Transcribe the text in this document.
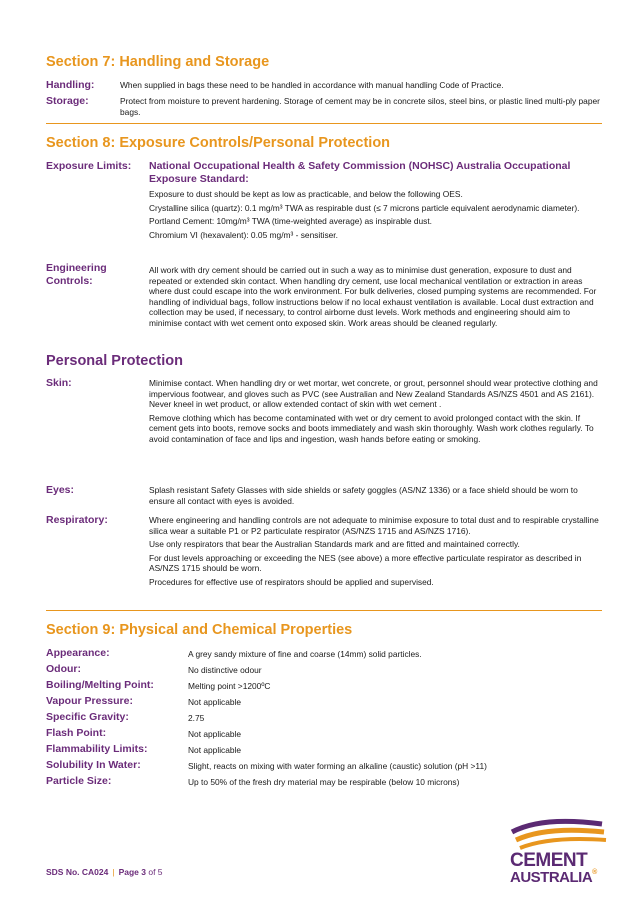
Section 7: Handling and Storage
Handling:	When supplied in bags these need to be handled in accordance with manual handling Code of Practice.

Storage:	Protect from moisture to prevent hardening. Storage of cement may be in concrete silos, steel bins, or plastic lined multi-ply paper bags.

Section 8: Exposure Controls/Personal Protection
Exposure Limits: National Occupational Health & Safety Commission (NOHSC) Australia Occupational Exposure Standard:

Exposure to dust should be kept as low as practicable, and below the following OES.

Crystalline silica (quartz): 0.1 mg/m³ TWA as respirable dust (≤ 7 microns particle equivalent aerodynamic diameter).

Portland Cement: 10mg/m³ TWA (time-weighted average) as inspirable dust.

Chromium VI (hexavalent): 0.05 mg/m³ - sensitiser.

Engineering Controls:

All work with dry cement should be carried out in such a way as to minimise dust generation, exposure to dust and repeated or extended skin contact. When handling dry cement, use local mechanical ventilation or extraction in areas where dust could escape into the work environment. For bulk deliveries, closed pumping systems are recommended. For handling of individual bags, follow instructions below if no local exhaust ventilation is available. Local dust extraction and collection may be used, if necessary, to control airborne dust levels. Work methods and engineering should aim to minimise contact with wet cement onto exposed skin. Work areas should be cleaned regularly.

Personal Protection
Skin:	Minimise contact. When handling dry or wet mortar, wet concrete, or grout, personnel should wear protective clothing and impervious footwear, and gloves such as PVC (see Australian and New Zealand Standards AS/NZS 4501 and AS 2161). Never kneel in wet product, or allow extended contact of skin with wet cement .

Remove clothing which has become contaminated with wet or dry cement to avoid prolonged contact with the skin. If cement gets into boots, remove socks and boots immediately and wash skin thoroughly. Wash work clothes regularly. To avoid contamination of face and lips and ingestion, wash hands before eating or smoking.

Eyes:	Splash resistant Safety Glasses with side shields or safety goggles (AS/NZ 1336) or a face shield should be worn to ensure all contact with eyes is avoided.

Respiratory:	Where engineering and handling controls are not adequate to minimise exposure to total dust and to respirable crystalline silica wear a suitable P1 or P2 particulate respirator (AS/NZS 1715 and AS/NZS 1716).

Use only respirators that bear the Australian Standards mark and are fitted and maintained correctly.

For dust levels approaching or exceeding the NES (see above) a more effective particulate respirator as described in AS/NZS 1715 should be worn.

Procedures for effective use of respirators should be applied and supervised.

Section 9: Physical and Chemical Properties
Appearance:	A grey sandy mixture of fine and coarse (14mm) solid particles.
Odour:	No distinctive odour
Boiling/Melting Point:	Melting point >1200ºC
Vapour Pressure:	Not applicable
Specific Gravity:	2.75
Flash Point:	Not applicable
Flammability Limits:	Not applicable
Solubility In Water:	Slight, reacts on mixing with water forming an alkaline (caustic) solution (pH >11)
Particle Size:	Up to 50% of the fresh dry material may be respirable (below 10 microns)
SDS No. CA024 | Page 3 of 5
CEMENT
AUSTRALIA®
